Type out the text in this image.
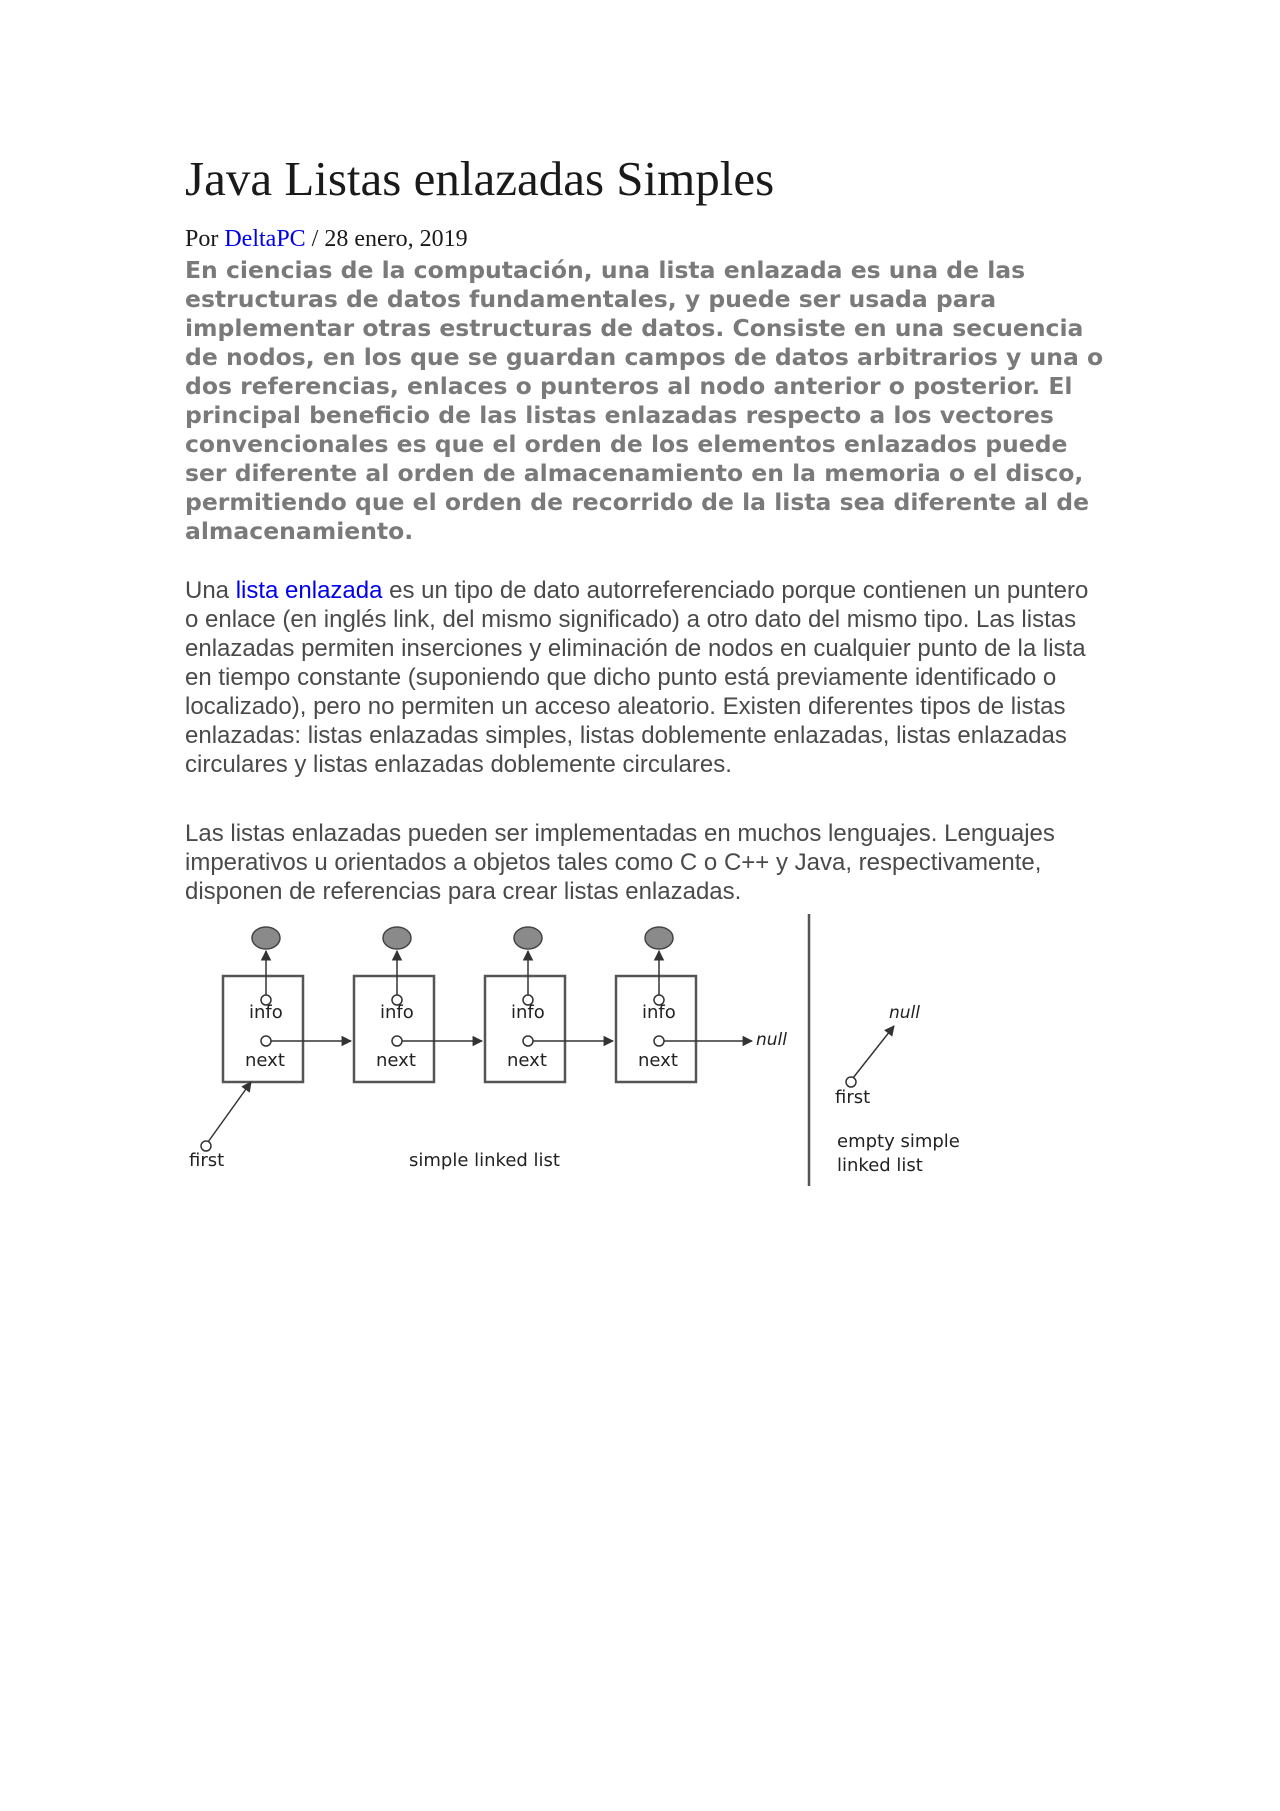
Java Listas enlazadas Simples
Por DeltaPC / 28 enero, 2019

En ciencias de la computación, una lista enlazada es una de las estructuras de datos fundamentales, y puede ser usada para implementar otras estructuras de datos. Consiste en una secuencia de nodos, en los que se guardan campos de datos arbitrarios y una o dos referencias, enlaces o punteros al nodo anterior o posterior. El principal beneficio de las listas enlazadas respecto a los vectores convencionales es que el orden de los elementos enlazados puede ser diferente al orden de almacenamiento en la memoria o el disco, permitiendo que el orden de recorrido de la lista sea diferente al de almacenamiento.

Una lista enlazada es un tipo de dato autorreferenciado porque contienen un puntero o enlace (en inglés link, del mismo significado) a otro dato del mismo tipo. Las listas enlazadas permiten inserciones y eliminación de nodos en cualquier punto de la lista en tiempo constante (suponiendo que dicho punto está previamente identificado o localizado), pero no permiten un acceso aleatorio. Existen diferentes tipos de listas enlazadas: listas enlazadas simples, listas doblemente enlazadas, listas enlazadas circulares y listas enlazadas doblemente circulares.

Las listas enlazadas pueden ser implementadas en muchos lenguajes. Lenguajes imperativos u orientados a objetos tales como C o C++ y Java, respectivamente, disponen de referencias para crear listas enlazadas.

info
next
info
next
info
next
info
next
null
first	simple linked list
null
first
empty simple
linked list
